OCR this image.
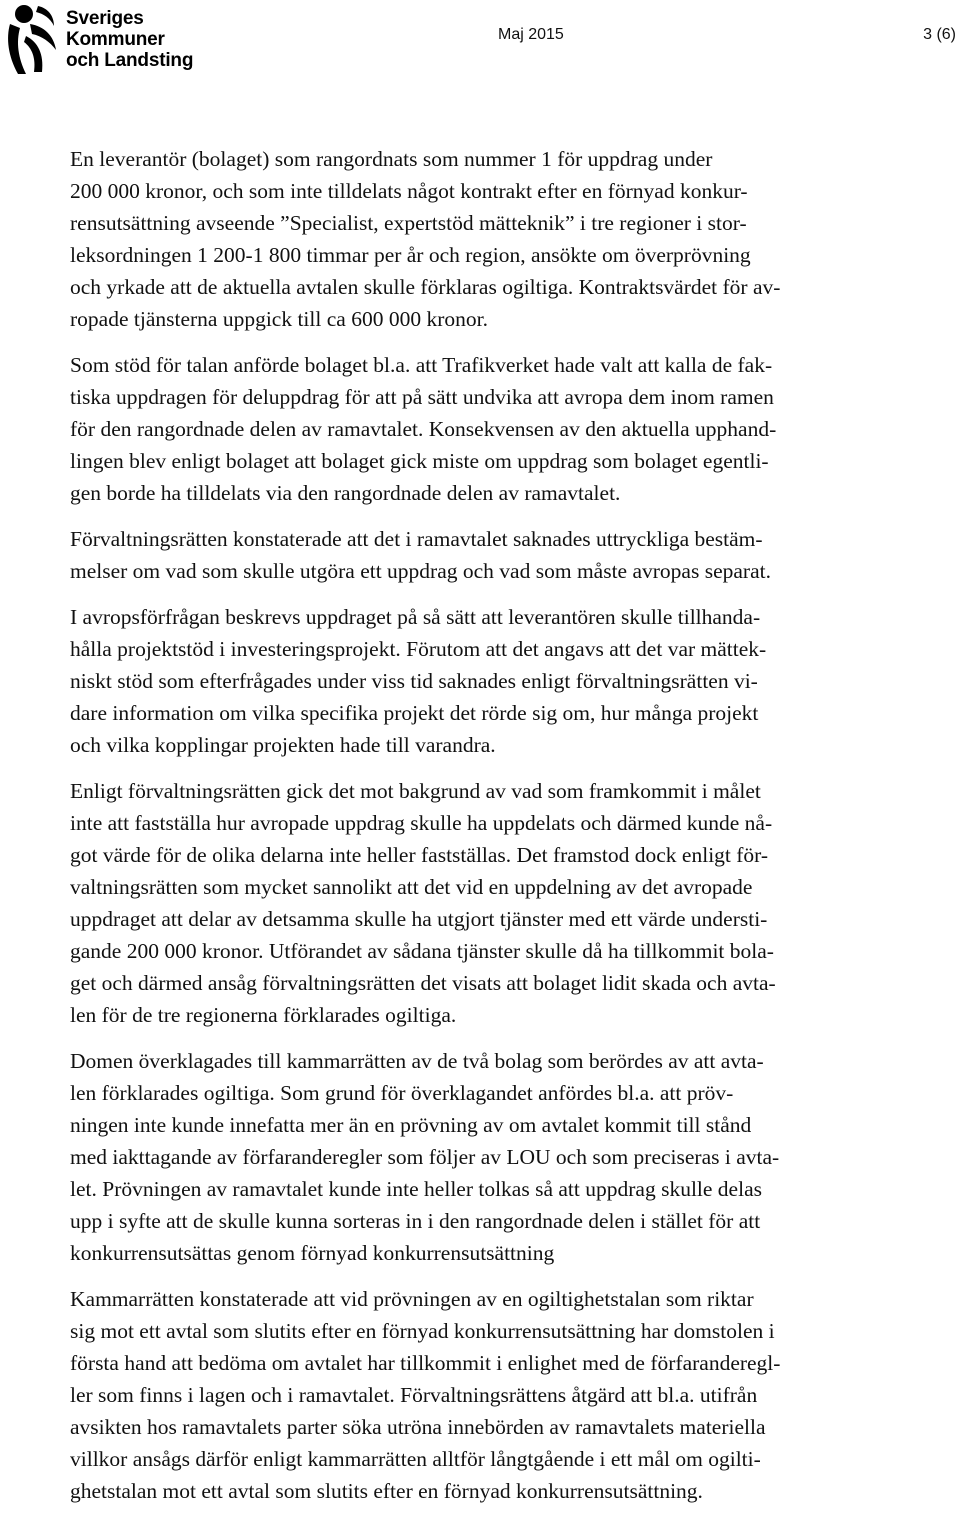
Sveriges
Kommuner
och Landsting
Maj 2015	3 (6)

En leverantör (bolaget) som rangordnats som nummer 1 för uppdrag under
200 000 kronor, och som inte tilldelats något kontrakt efter en förnyad konkur-
rensutsättning avseende ”Specialist, expertstöd mätteknik” i tre regioner i stor-
leksordningen 1 200-1 800 timmar per år och region, ansökte om överprövning
och yrkade att de aktuella avtalen skulle förklaras ogiltiga. Kontraktsvärdet för av-
ropade tjänsterna uppgick till ca 600 000 kronor.

Som stöd för talan anförde bolaget bl.a. att Trafikverket hade valt att kalla de fak-
tiska uppdragen för deluppdrag för att på sätt undvika att avropa dem inom ramen
för den rangordnade delen av ramavtalet. Konsekvensen av den aktuella upphand-
lingen blev enligt bolaget att bolaget gick miste om uppdrag som bolaget egentli-
gen borde ha tilldelats via den rangordnade delen av ramavtalet.

Förvaltningsrätten konstaterade att det i ramavtalet saknades uttryckliga bestäm-
melser om vad som skulle utgöra ett uppdrag och vad som måste avropas separat.

I avropsförfrågan beskrevs uppdraget på så sätt att leverantören skulle tillhanda-
hålla projektstöd i investeringsprojekt. Förutom att det angavs att det var mättek-
niskt stöd som efterfrågades under viss tid saknades enligt förvaltningsrätten vi-
dare information om vilka specifika projekt det rörde sig om, hur många projekt
och vilka kopplingar projekten hade till varandra.

Enligt förvaltningsrätten gick det mot bakgrund av vad som framkommit i målet
inte att fastställa hur avropade uppdrag skulle ha uppdelats och därmed kunde nå-
got värde för de olika delarna inte heller fastställas. Det framstod dock enligt för-
valtningsrätten som mycket sannolikt att det vid en uppdelning av det avropade
uppdraget att delar av detsamma skulle ha utgjort tjänster med ett värde understi-
gande 200 000 kronor. Utförandet av sådana tjänster skulle då ha tillkommit bola-
get och därmed ansåg förvaltningsrätten det visats att bolaget lidit skada och avta-
len för de tre regionerna förklarades ogiltiga.

Domen överklagades till kammarrätten av de två bolag som berördes av att avta-
len förklarades ogiltiga. Som grund för överklagandet anfördes bl.a. att pröv-
ningen inte kunde innefatta mer än en prövning av om avtalet kommit till stånd
med iakttagande av förfaranderegler som följer av LOU och som preciseras i avta-
let. Prövningen av ramavtalet kunde inte heller tolkas så att uppdrag skulle delas
upp i syfte att de skulle kunna sorteras in i den rangordnade delen i stället för att
konkurrensutsättas genom förnyad konkurrensutsättning

Kammarrätten konstaterade att vid prövningen av en ogiltighetstalan som riktar
sig mot ett avtal som slutits efter en förnyad konkurrensutsättning har domstolen i
första hand att bedöma om avtalet har tillkommit i enlighet med de förfaranderegl-
ler som finns i lagen och i ramavtalet. Förvaltningsrättens åtgärd att bl.a. utifrån
avsikten hos ramavtalets parter söka utröna innebörden av ramavtalets materiella
villkor ansågs därför enligt kammarrätten alltför långtgående i ett mål om ogilti-
ghetstalan mot ett avtal som slutits efter en förnyad konkurrensutsättning.
